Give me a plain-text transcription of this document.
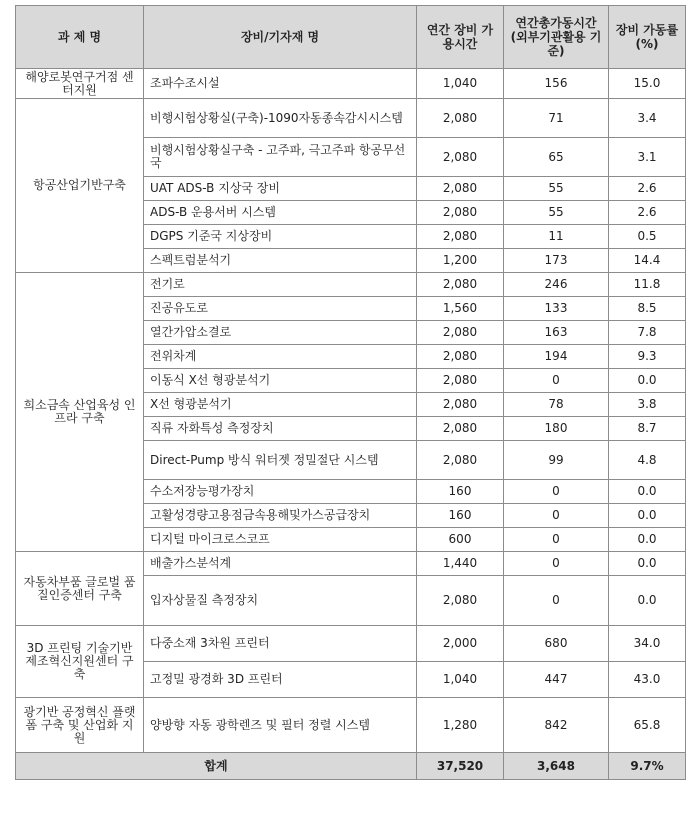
과 제 명	장비/기자재 명	연간 장비 가용시간	연간총가동시간 (외부기관활용 기준)	장비 가동률 (%)
해양로봇연구거점 센터지원	조파수조시설	1,040	156	15.0
항공산업기반구축	비행시험상황실(구축)-1090자동종속감시시스템	2,080	71	3.4
	비행시험상황실구축 - 고주파, 극고주파 항공무선국	2,080	65	3.1
	UAT ADS-B 지상국 장비	2,080	55	2.6
	ADS-B 운용서버 시스템	2,080	55	2.6
	DGPS 기준국 지상장비	2,080	11	0.5
	스펙트럼분석기	1,200	173	14.4
희소금속 산업육성 인프라 구축	전기로	2,080	246	11.8
	진공유도로	1,560	133	8.5
	열간가압소결로	2,080	163	7.8
	전위차계	2,080	194	9.3
	이동식 X선 형광분석기	2,080	0	0.0
	X선 형광분석기	2,080	78	3.8
	직류 자화특성 측정장치	2,080	180	8.7
	Direct-Pump 방식 워터젯 정밀절단 시스템	2,080	99	4.8
	수소저장능평가장치	160	0	0.0
	고활성경량고용점금속용해및가스공급장치	160	0	0.0
	디지털 마이크로스코프	600	0	0.0
자동차부품 글로벌 품질인증센터 구축	배출가스분석계	1,440	0	0.0
	입자상물질 측정장치	2,080	0	0.0
3D 프린팅 기술기반 제조혁신지원센터 구축	다중소재 3차원 프린터	2,000	680	34.0
	고정밀 광경화 3D 프린터	1,040	447	43.0
광기반 공정혁신 플랫폼 구축 및 산업화 지원	양방향 자동 광학렌즈 및 필터 정렬 시스템	1,280	842	65.8
합계		37,520	3,648	9.7%
